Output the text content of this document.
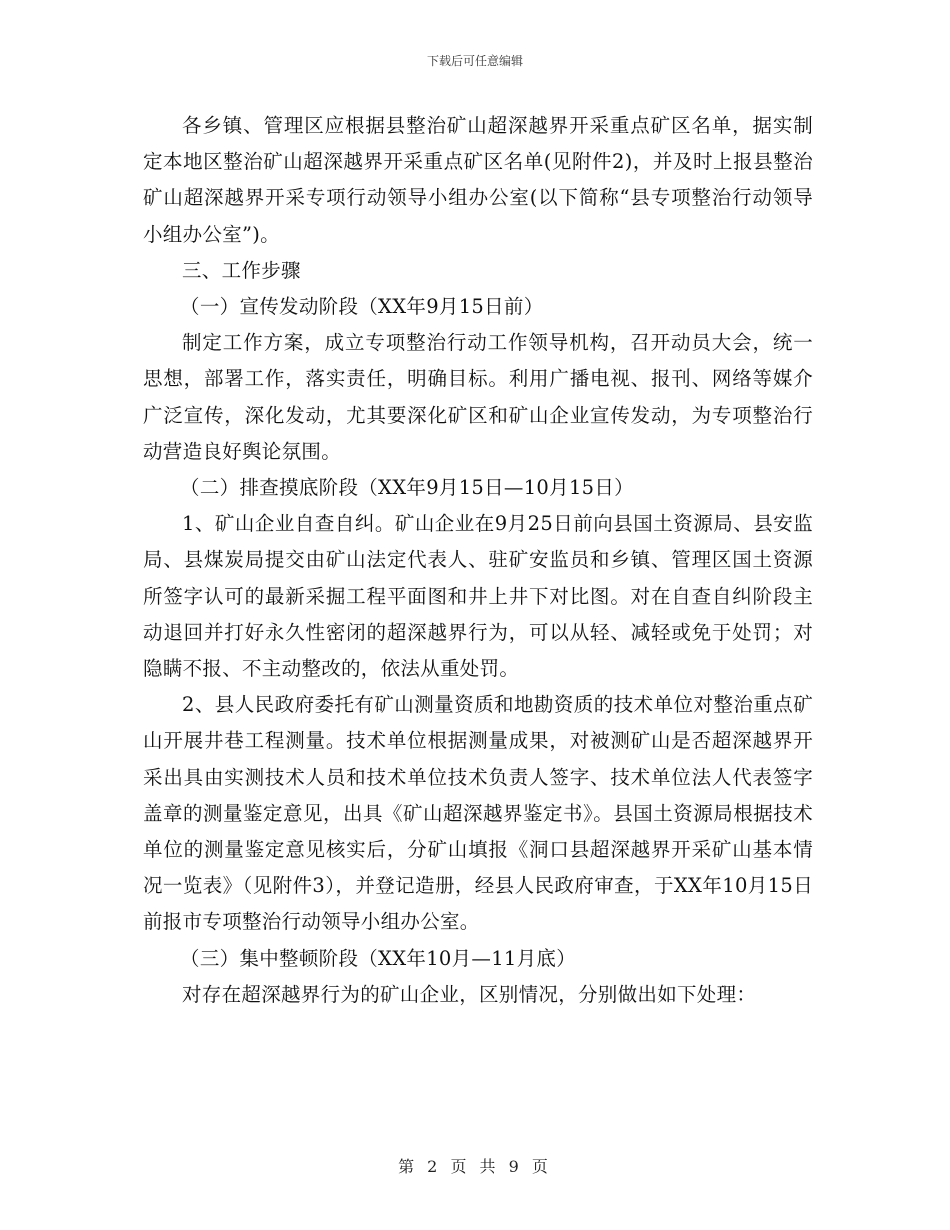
下载后可任意编辑

各乡镇、管理区应根据县整治矿山超深越界开采重点矿区名单，据实制定本地区整治矿山超深越界开采重点矿区名单(见附件2)，并及时上报县整治矿山超深越界开采专项行动领导小组办公室(以下简称“县专项整治行动领导小组办公室”)。

三、工作步骤

（一）宣传发动阶段（XX年9月15日前）

制定工作方案，成立专项整治行动工作领导机构，召开动员大会，统一思想，部署工作，落实责任，明确目标。利用广播电视、报刊、网络等媒介广泛宣传，深化发动，尤其要深化矿区和矿山企业宣传发动，为专项整治行动营造良好舆论氛围。

（二）排查摸底阶段（XX年9月15日—10月15日）

1、矿山企业自查自纠。矿山企业在9月25日前向县国土资源局、县安监局、县煤炭局提交由矿山法定代表人、驻矿安监员和乡镇、管理区国土资源所签字认可的最新采掘工程平面图和井上井下对比图。对在自查自纠阶段主动退回并打好永久性密闭的超深越界行为，可以从轻、减轻或免于处罚；对隐瞒不报、不主动整改的，依法从重处罚。

2、县人民政府委托有矿山测量资质和地勘资质的技术单位对整治重点矿山开展井巷工程测量。技术单位根据测量成果，对被测矿山是否超深越界开采出具由实测技术人员和技术单位技术负责人签字、技术单位法人代表签字盖章的测量鉴定意见，出具《矿山超深越界鉴定书》。县国土资源局根据技术单位的测量鉴定意见核实后，分矿山填报《洞口县超深越界开采矿山基本情况一览表》（见附件3），并登记造册，经县人民政府审查，于XX年10月15日前报市专项整治行动领导小组办公室。

（三）集中整顿阶段（XX年10月—11月底）

对存在超深越界行为的矿山企业，区别情况，分别做出如下处理：

第 2 页 共 9 页
